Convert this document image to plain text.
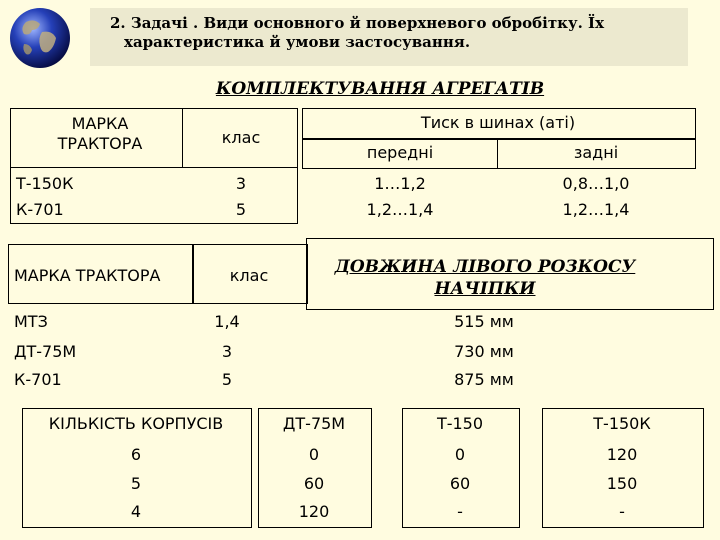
2. Задачі . Види основного й поверхневого обробітку. Їх
характеристика й умови застосування.
КОМПЛЕКТУВАННЯ АГРЕГАТІВ
МАРКА
ТРАКТОРА	клас
Тиск в шинах (аті)
передні	задні
Т-150К	3	1…1,2	0,8…1,0
К-701	5	1,2…1,4	1,2…1,4
МАРКА ТРАКТОРА	клас	ДОВЖИНА ЛІВОГО РОЗКОСУ
НАЧІПКИ
МТЗ	1,4	515 мм
ДТ-75М	3	730 мм
К-701	5	875 мм
КІЛЬКІСТЬ КОРПУСІВ	ДТ-75М	Т-150	Т-150К
6	0	0	120
5	60	60	150
4	120	-	-
